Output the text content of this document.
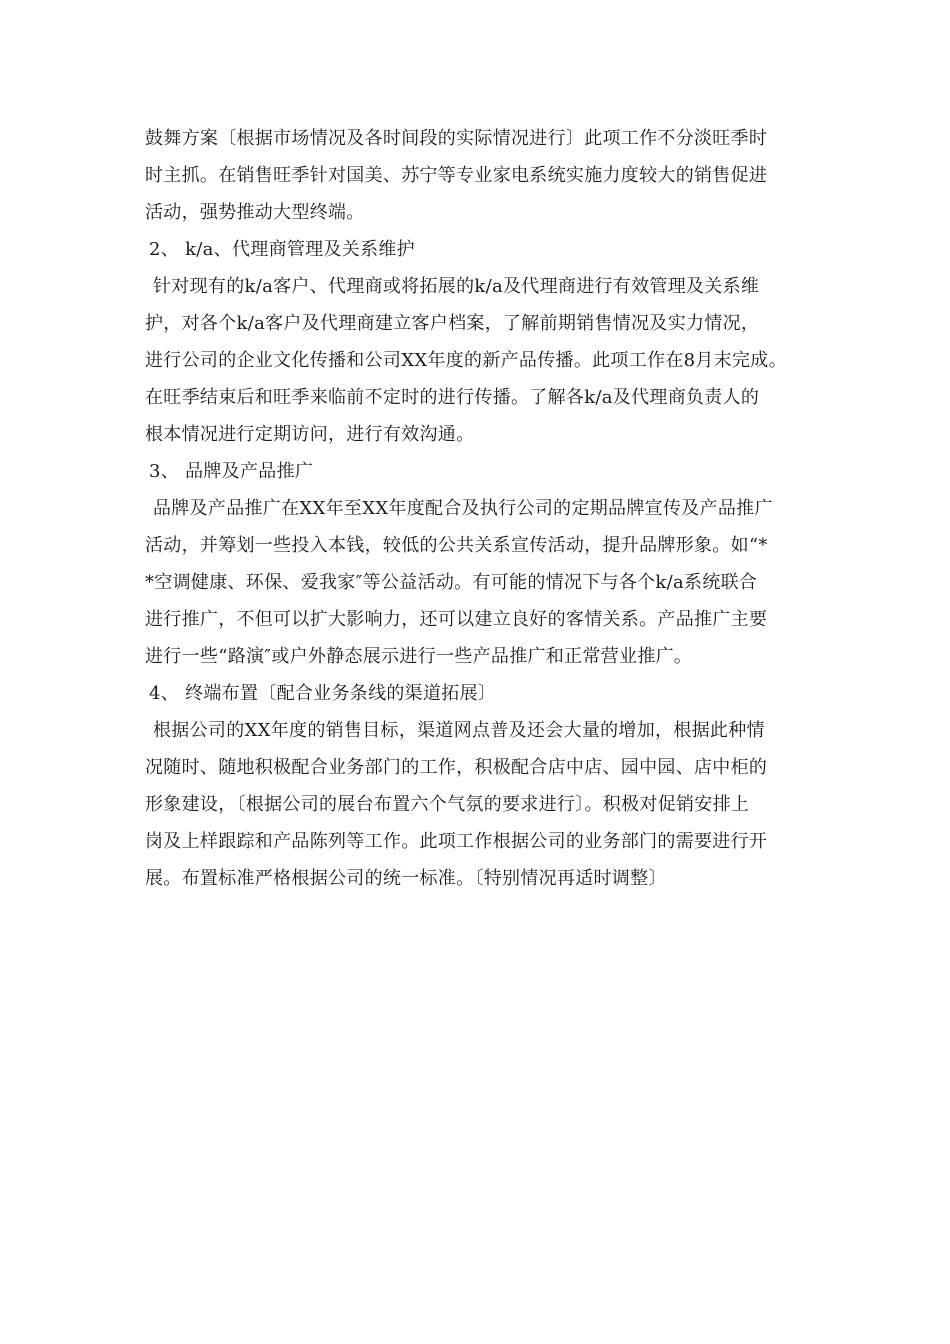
鼓舞方案〔根据市场情况及各时间段的实际情况进行〕此项工作不分淡旺季时
时主抓。在销售旺季针对国美、苏宁等专业家电系统实施力度较大的销售促进
活动，强势推动大型终端。
2、 k/a、代理商管理及关系维护
针对现有的k/a客户、代理商或将拓展的k/a及代理商进行有效管理及关系维
护，对各个k/a客户及代理商建立客户档案，了解前期销售情况及实力情况，
进行公司的企业文化传播和公司XX年度的新产品传播。此项工作在8月末完成。
在旺季结束后和旺季来临前不定时的进行传播。了解各k/a及代理商负责人的
根本情况进行定期访问，进行有效沟通。
3、 品牌及产品推广
品牌及产品推广在XX年至XX年度配合及执行公司的定期品牌宣传及产品推广
活动，并筹划一些投入本钱，较低的公共关系宣传活动，提升品牌形象。如“*
*空调健康、环保、爱我家″等公益活动。有可能的情况下与各个k/a系统联合
进行推广，不但可以扩大影响力，还可以建立良好的客情关系。产品推广主要
进行一些“路演″或户外静态展示进行一些产品推广和正常营业推广。
4、 终端布置〔配合业务条线的渠道拓展〕
根据公司的XX年度的销售目标，渠道网点普及还会大量的增加，根据此种情
况随时、随地积极配合业务部门的工作，积极配合店中店、园中园、店中柜的
形象建设，〔根据公司的展台布置六个气氛的要求进行〕。积极对促销安排上
岗及上样跟踪和产品陈列等工作。此项工作根据公司的业务部门的需要进行开
展。布置标准严格根据公司的统一标准。〔特别情况再适时调整〕
